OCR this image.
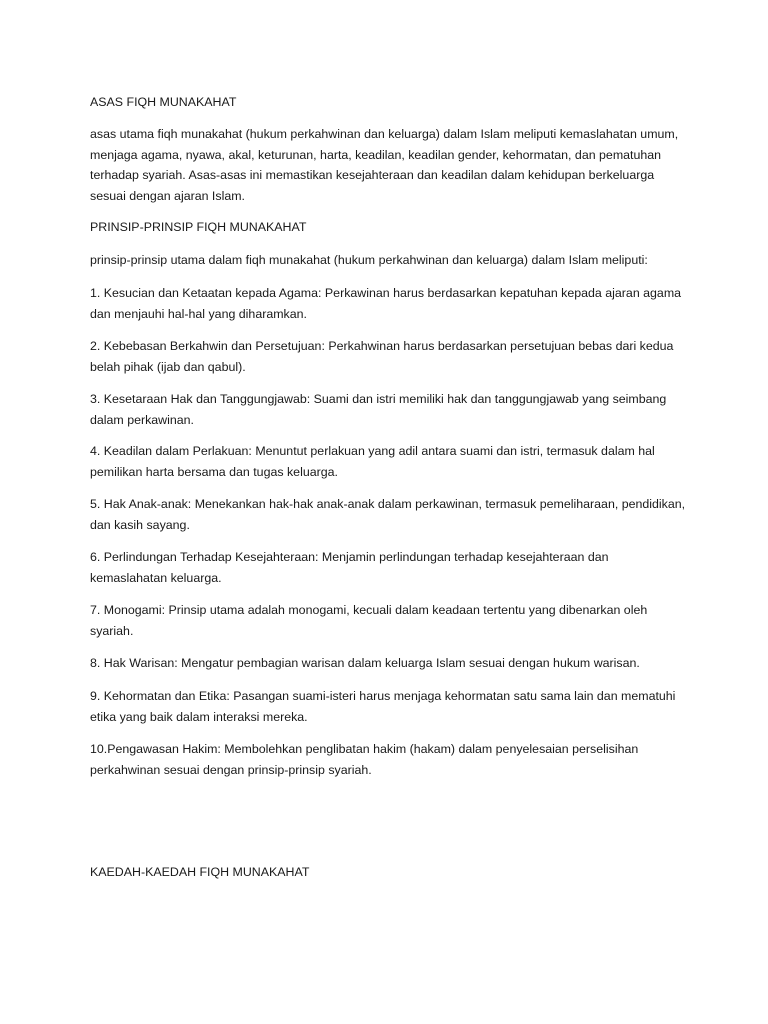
ASAS FIQH MUNAKAHAT

asas utama fiqh munakahat (hukum perkahwinan dan keluarga) dalam Islam meliputi kemaslahatan umum, menjaga agama, nyawa, akal, keturunan, harta, keadilan, keadilan gender, kehormatan, dan pematuhan terhadap syariah. Asas-asas ini memastikan kesejahteraan dan keadilan dalam kehidupan berkeluarga sesuai dengan ajaran Islam.

PRINSIP-PRINSIP FIQH MUNAKAHAT

prinsip-prinsip utama dalam fiqh munakahat (hukum perkahwinan dan keluarga) dalam Islam meliputi:

1. Kesucian dan Ketaatan kepada Agama: Perkawinan harus berdasarkan kepatuhan kepada ajaran agama dan menjauhi hal-hal yang diharamkan.

2. Kebebasan Berkahwin dan Persetujuan: Perkahwinan harus berdasarkan persetujuan bebas dari kedua belah pihak (ijab dan qabul).

3. Kesetaraan Hak dan Tanggungjawab: Suami dan istri memiliki hak dan tanggungjawab yang seimbang dalam perkawinan.

4. Keadilan dalam Perlakuan: Menuntut perlakuan yang adil antara suami dan istri, termasuk dalam hal pemilikan harta bersama dan tugas keluarga.

5. Hak Anak-anak: Menekankan hak-hak anak-anak dalam perkawinan, termasuk pemeliharaan, pendidikan, dan kasih sayang.

6. Perlindungan Terhadap Kesejahteraan: Menjamin perlindungan terhadap kesejahteraan dan kemaslahatan keluarga.

7. Monogami: Prinsip utama adalah monogami, kecuali dalam keadaan tertentu yang dibenarkan oleh syariah.

8. Hak Warisan: Mengatur pembagian warisan dalam keluarga Islam sesuai dengan hukum warisan.

9. Kehormatan dan Etika: Pasangan suami-isteri harus menjaga kehormatan satu sama lain dan mematuhi etika yang baik dalam interaksi mereka.

10.Pengawasan Hakim: Membolehkan penglibatan hakim (hakam) dalam penyelesaian perselisihan perkahwinan sesuai dengan prinsip-prinsip syariah.

KAEDAH-KAEDAH FIQH MUNAKAHAT
